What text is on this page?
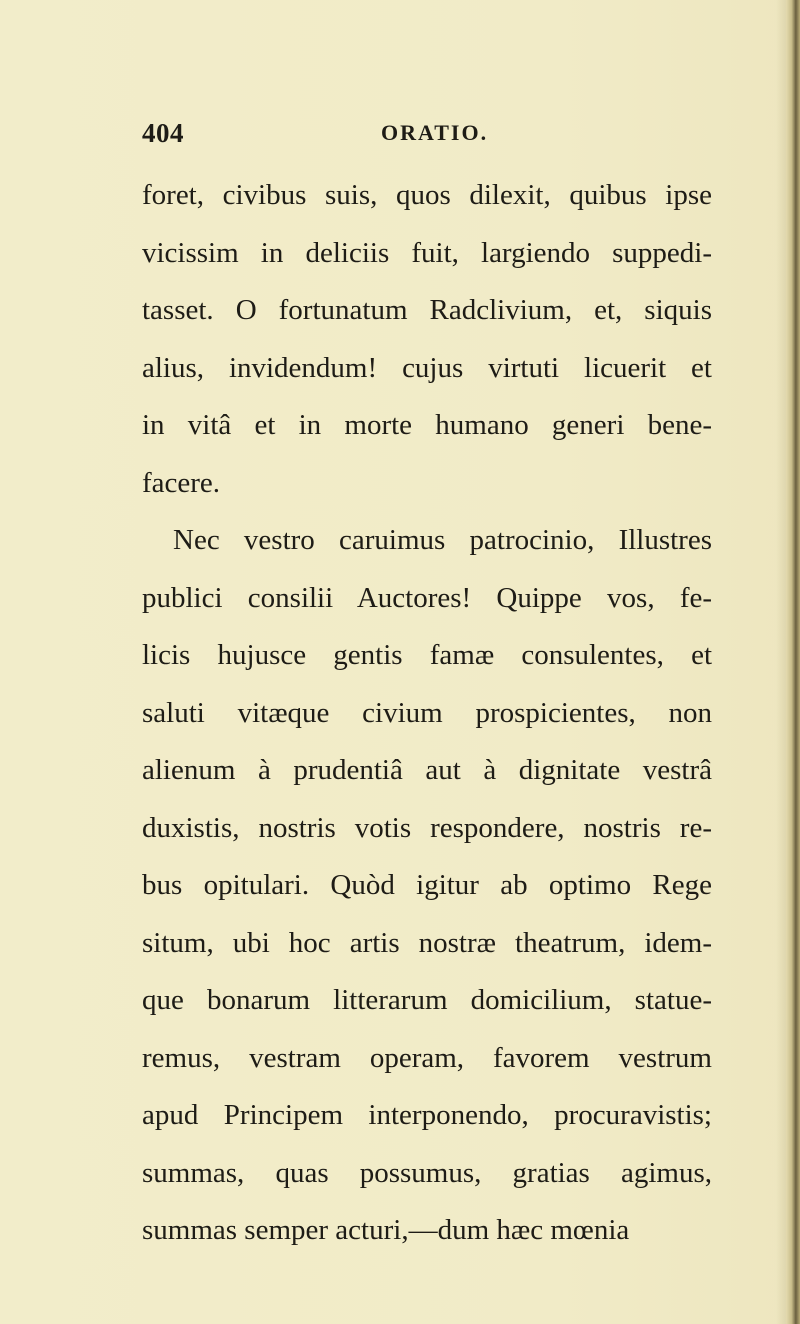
404	ORATIO.
foret, civibus suis, quos dilexit, quibus ipse
vicissim in deliciis fuit, largiendo suppedi-
tasset. O fortunatum Radclivium, et, siquis
alius, invidendum! cujus virtuti licuerit et
in vitâ et in morte humano generi bene-
facere.
Nec vestro caruimus patrocinio, Illustres
publici consilii Auctores! Quippe vos, fe-
licis hujusce gentis famæ consulentes, et
saluti vitæque civium prospicientes, non
alienum à prudentiâ aut à dignitate vestrâ
duxistis, nostris votis respondere, nostris re-
bus opitulari. Quòd igitur ab optimo Rege
situm, ubi hoc artis nostræ theatrum, idem-
que bonarum litterarum domicilium, statue-
remus, vestram operam, favorem vestrum
apud Principem interponendo, procuravistis;
summas, quas possumus, gratias agimus,
summas semper acturi,—dum hæc mœnia
